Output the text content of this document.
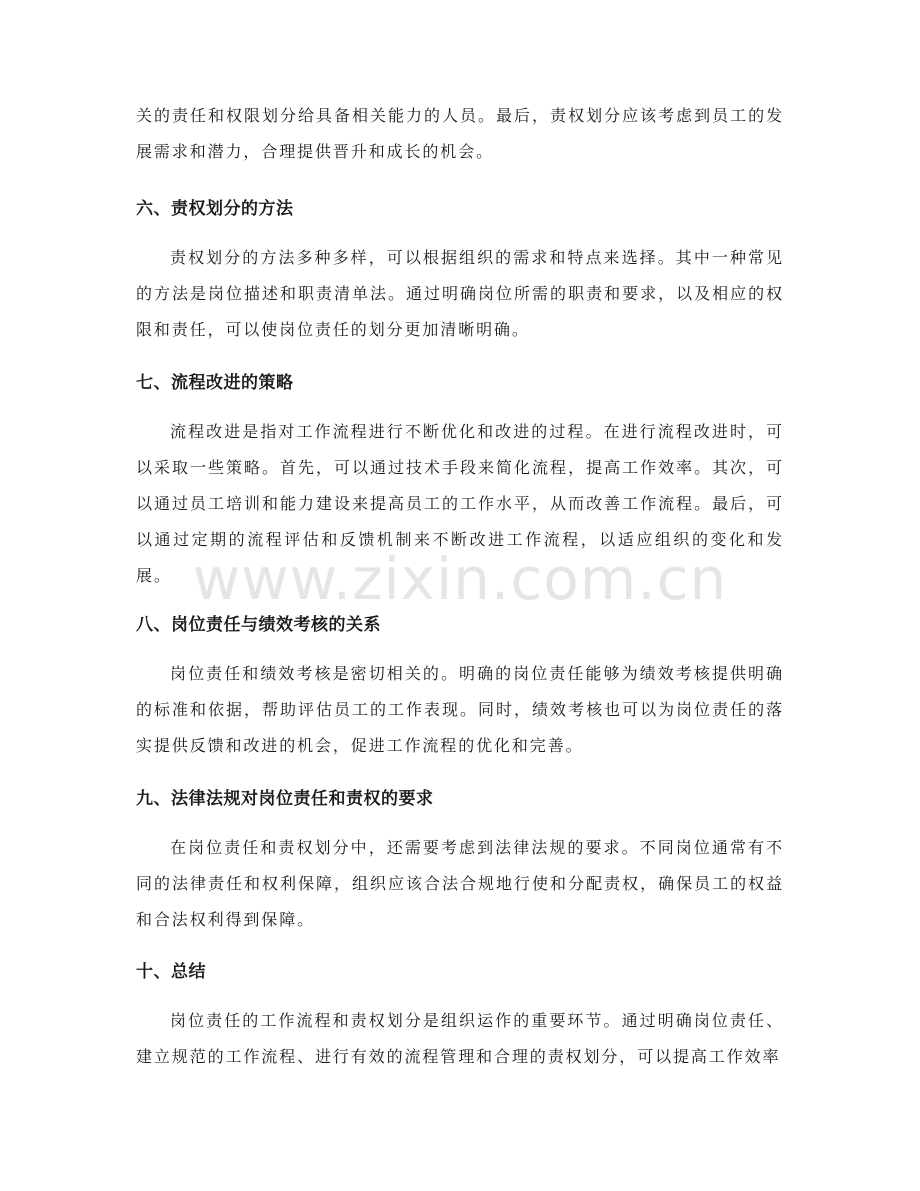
关的责任和权限划分给具备相关能力的人员。最后，责权划分应该考虑到员工的发展需求和潜力，合理提供晋升和成长的机会。

六、责权划分的方法

责权划分的方法多种多样，可以根据组织的需求和特点来选择。其中一种常见的方法是岗位描述和职责清单法。通过明确岗位所需的职责和要求，以及相应的权限和责任，可以使岗位责任的划分更加清晰明确。

七、流程改进的策略

流程改进是指对工作流程进行不断优化和改进的过程。在进行流程改进时，可以采取一些策略。首先，可以通过技术手段来简化流程，提高工作效率。其次，可以通过员工培训和能力建设来提高员工的工作水平，从而改善工作流程。最后，可以通过定期的流程评估和反馈机制来不断改进工作流程，以适应组织的变化和发展。

八、岗位责任与绩效考核的关系

岗位责任和绩效考核是密切相关的。明确的岗位责任能够为绩效考核提供明确的标准和依据，帮助评估员工的工作表现。同时，绩效考核也可以为岗位责任的落实提供反馈和改进的机会，促进工作流程的优化和完善。

九、法律法规对岗位责任和责权的要求

在岗位责任和责权划分中，还需要考虑到法律法规的要求。不同岗位通常有不同的法律责任和权利保障，组织应该合法合规地行使和分配责权，确保员工的权益和合法权利得到保障。

十、总结

岗位责任的工作流程和责权划分是组织运作的重要环节。通过明确岗位责任、建立规范的工作流程、进行有效的流程管理和合理的责权划分，可以提高工作效率

www.zixin.com.cn
